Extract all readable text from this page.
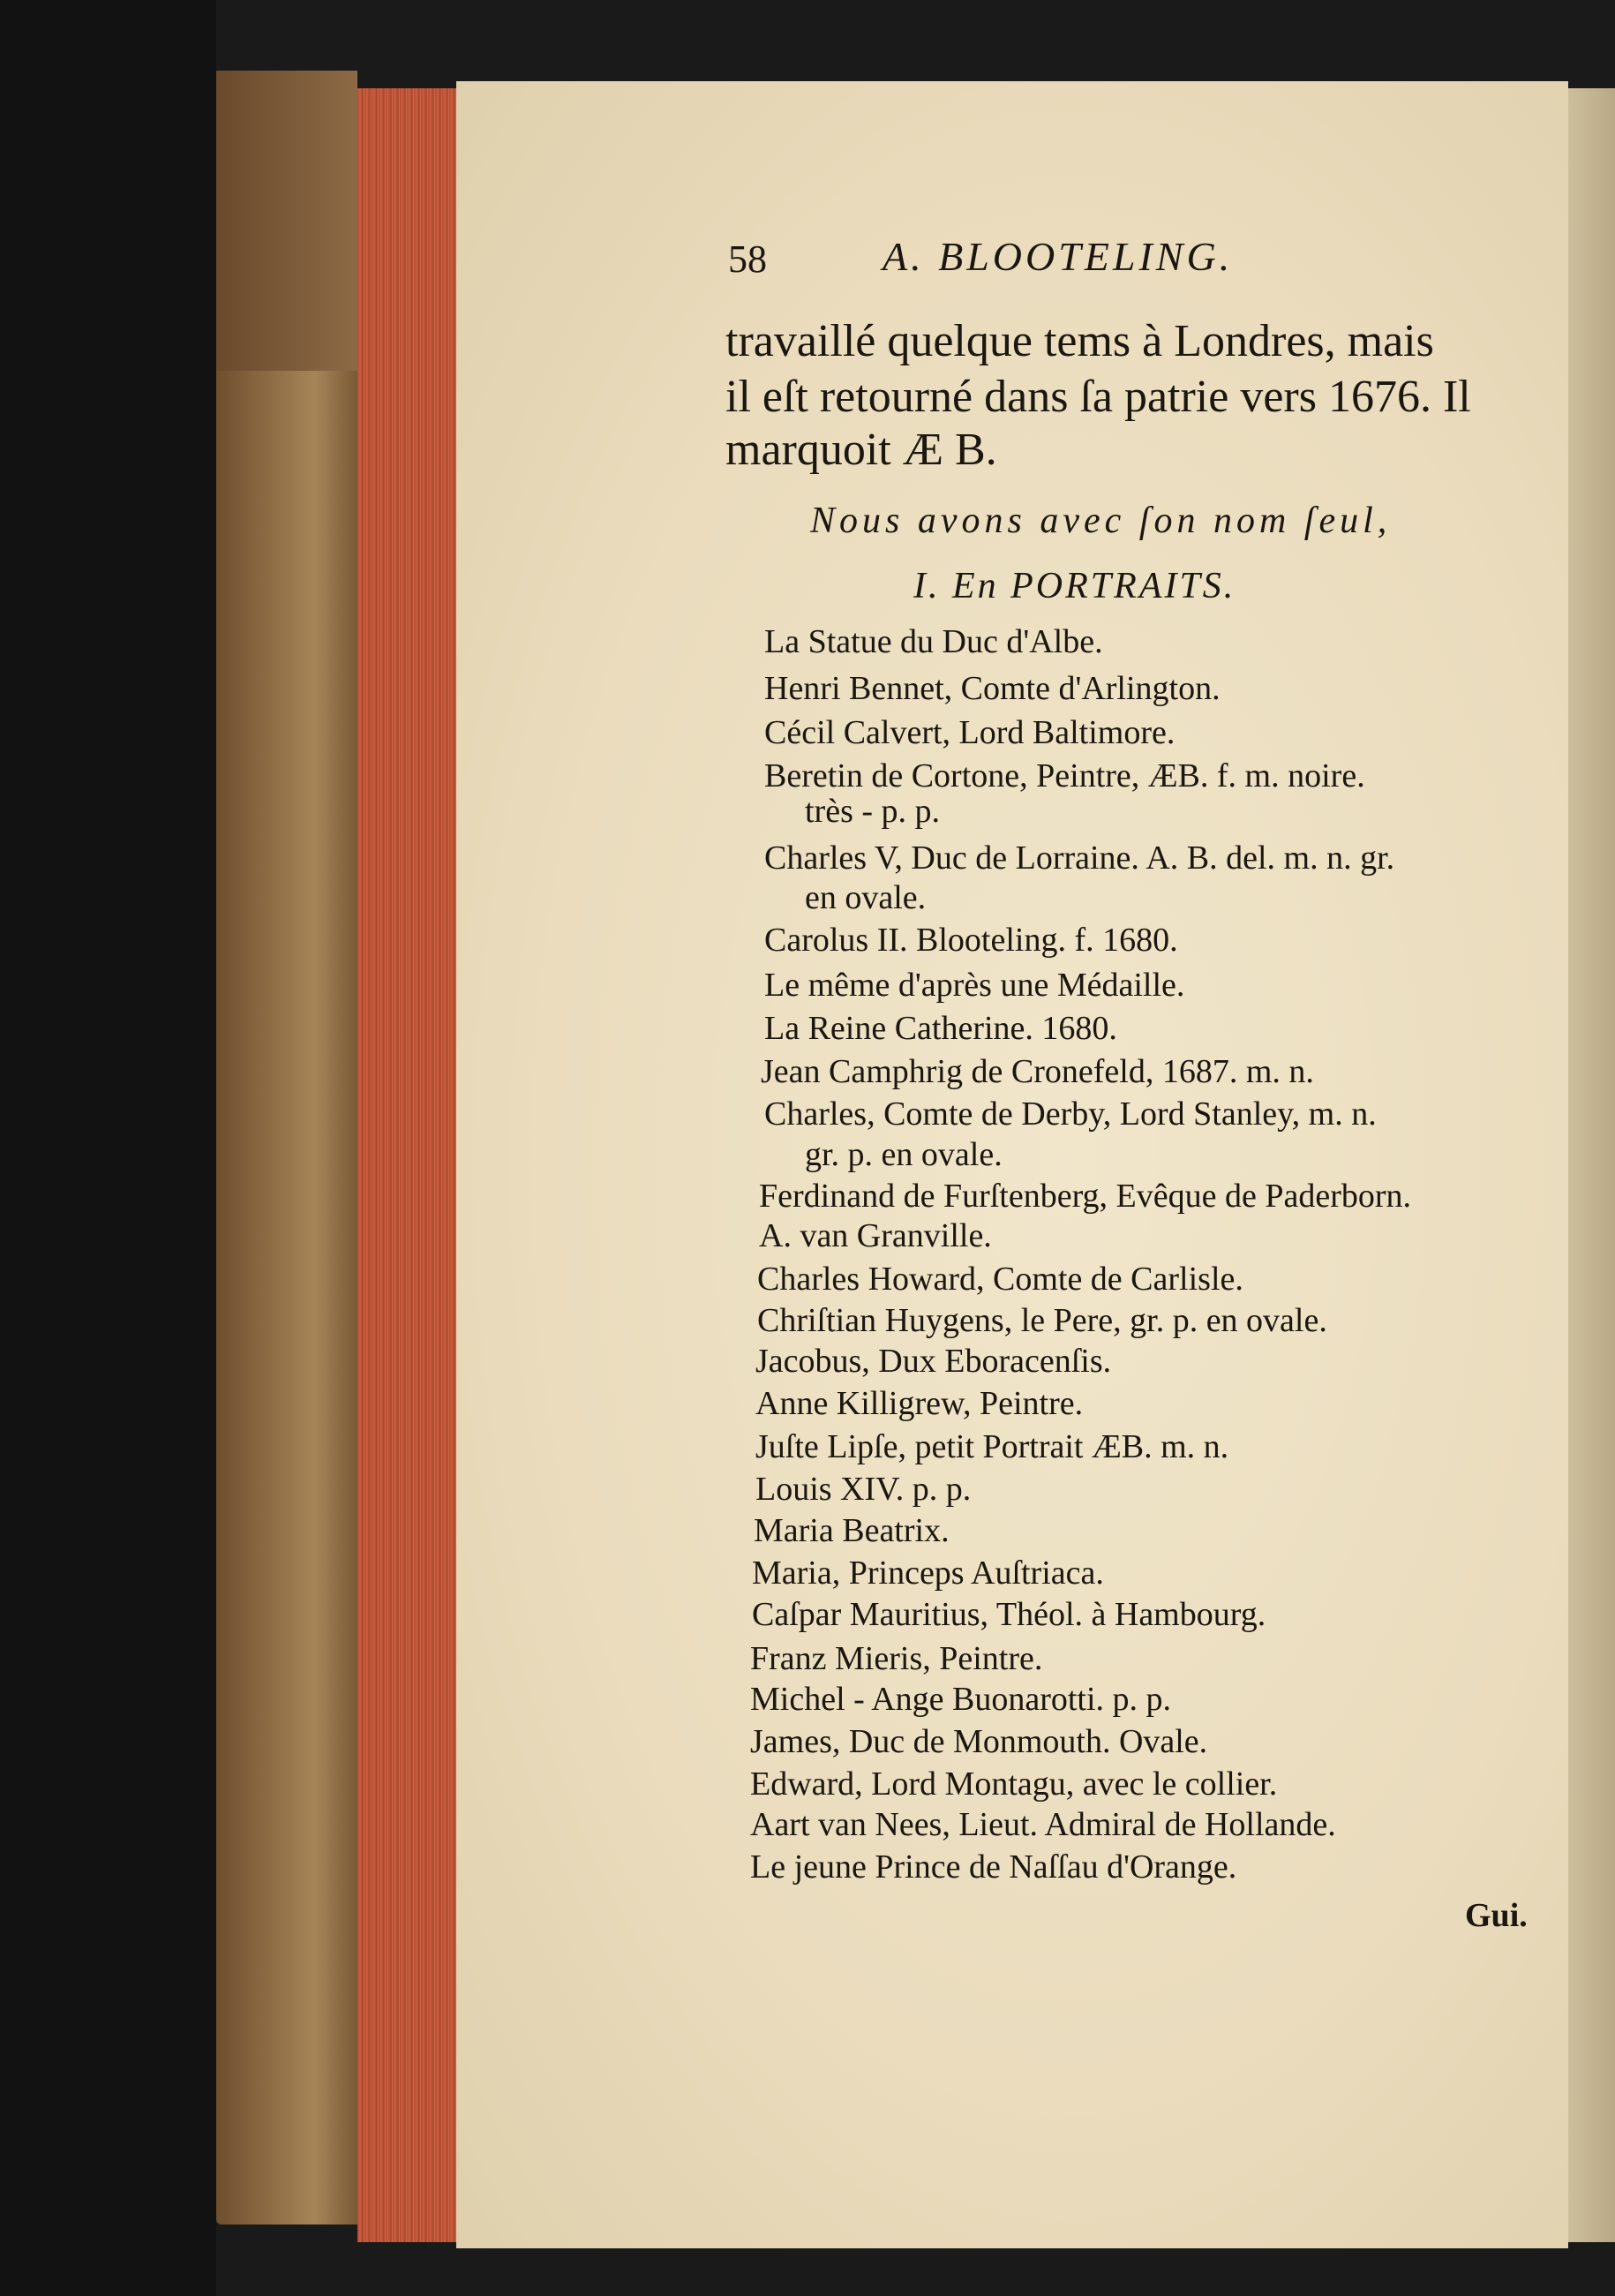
58	A. BLOOTELING.
travaillé quelque tems à Londres, mais
il eſt retourné dans ſa patrie vers 1676. Il
marquoit Æ B.
Nous avons avec ſon nom ſeul,
I. En PORTRAITS.
La Statue du Duc d'Albe.
Henri Bennet, Comte d'Arlington.
Cécil Calvert, Lord Baltimore.
Beretin de Cortone, Peintre, ÆB. f. m. noire.
très - p. p.
Charles V, Duc de Lorraine. A. B. del. m. n. gr.
en ovale.
Carolus II. Blooteling. f. 1680.
Le même d'après une Médaille.
La Reine Catherine. 1680.
Jean Camphrig de Cronefeld, 1687. m. n.
Charles, Comte de Derby, Lord Stanley, m. n.
gr. p. en ovale.
Ferdinand de Furſtenberg, Evêque de Paderborn.
A. van Granville.
Charles Howard, Comte de Carlisle.
Chriſtian Huygens, le Pere, gr. p. en ovale.
Jacobus, Dux Eboracenſis.
Anne Killigrew, Peintre.
Juſte Lipſe, petit Portrait ÆB. m. n.
Louis XIV. p. p.
Maria Beatrix.
Maria, Princeps Auſtriaca.
Caſpar Mauritius, Théol. à Hambourg.
Franz Mieris, Peintre.
Michel - Ange Buonarotti. p. p.
James, Duc de Monmouth. Ovale.
Edward, Lord Montagu, avec le collier.
Aart van Nees, Lieut. Admiral de Hollande.
Le jeune Prince de Naſſau d'Orange.
Gui.
